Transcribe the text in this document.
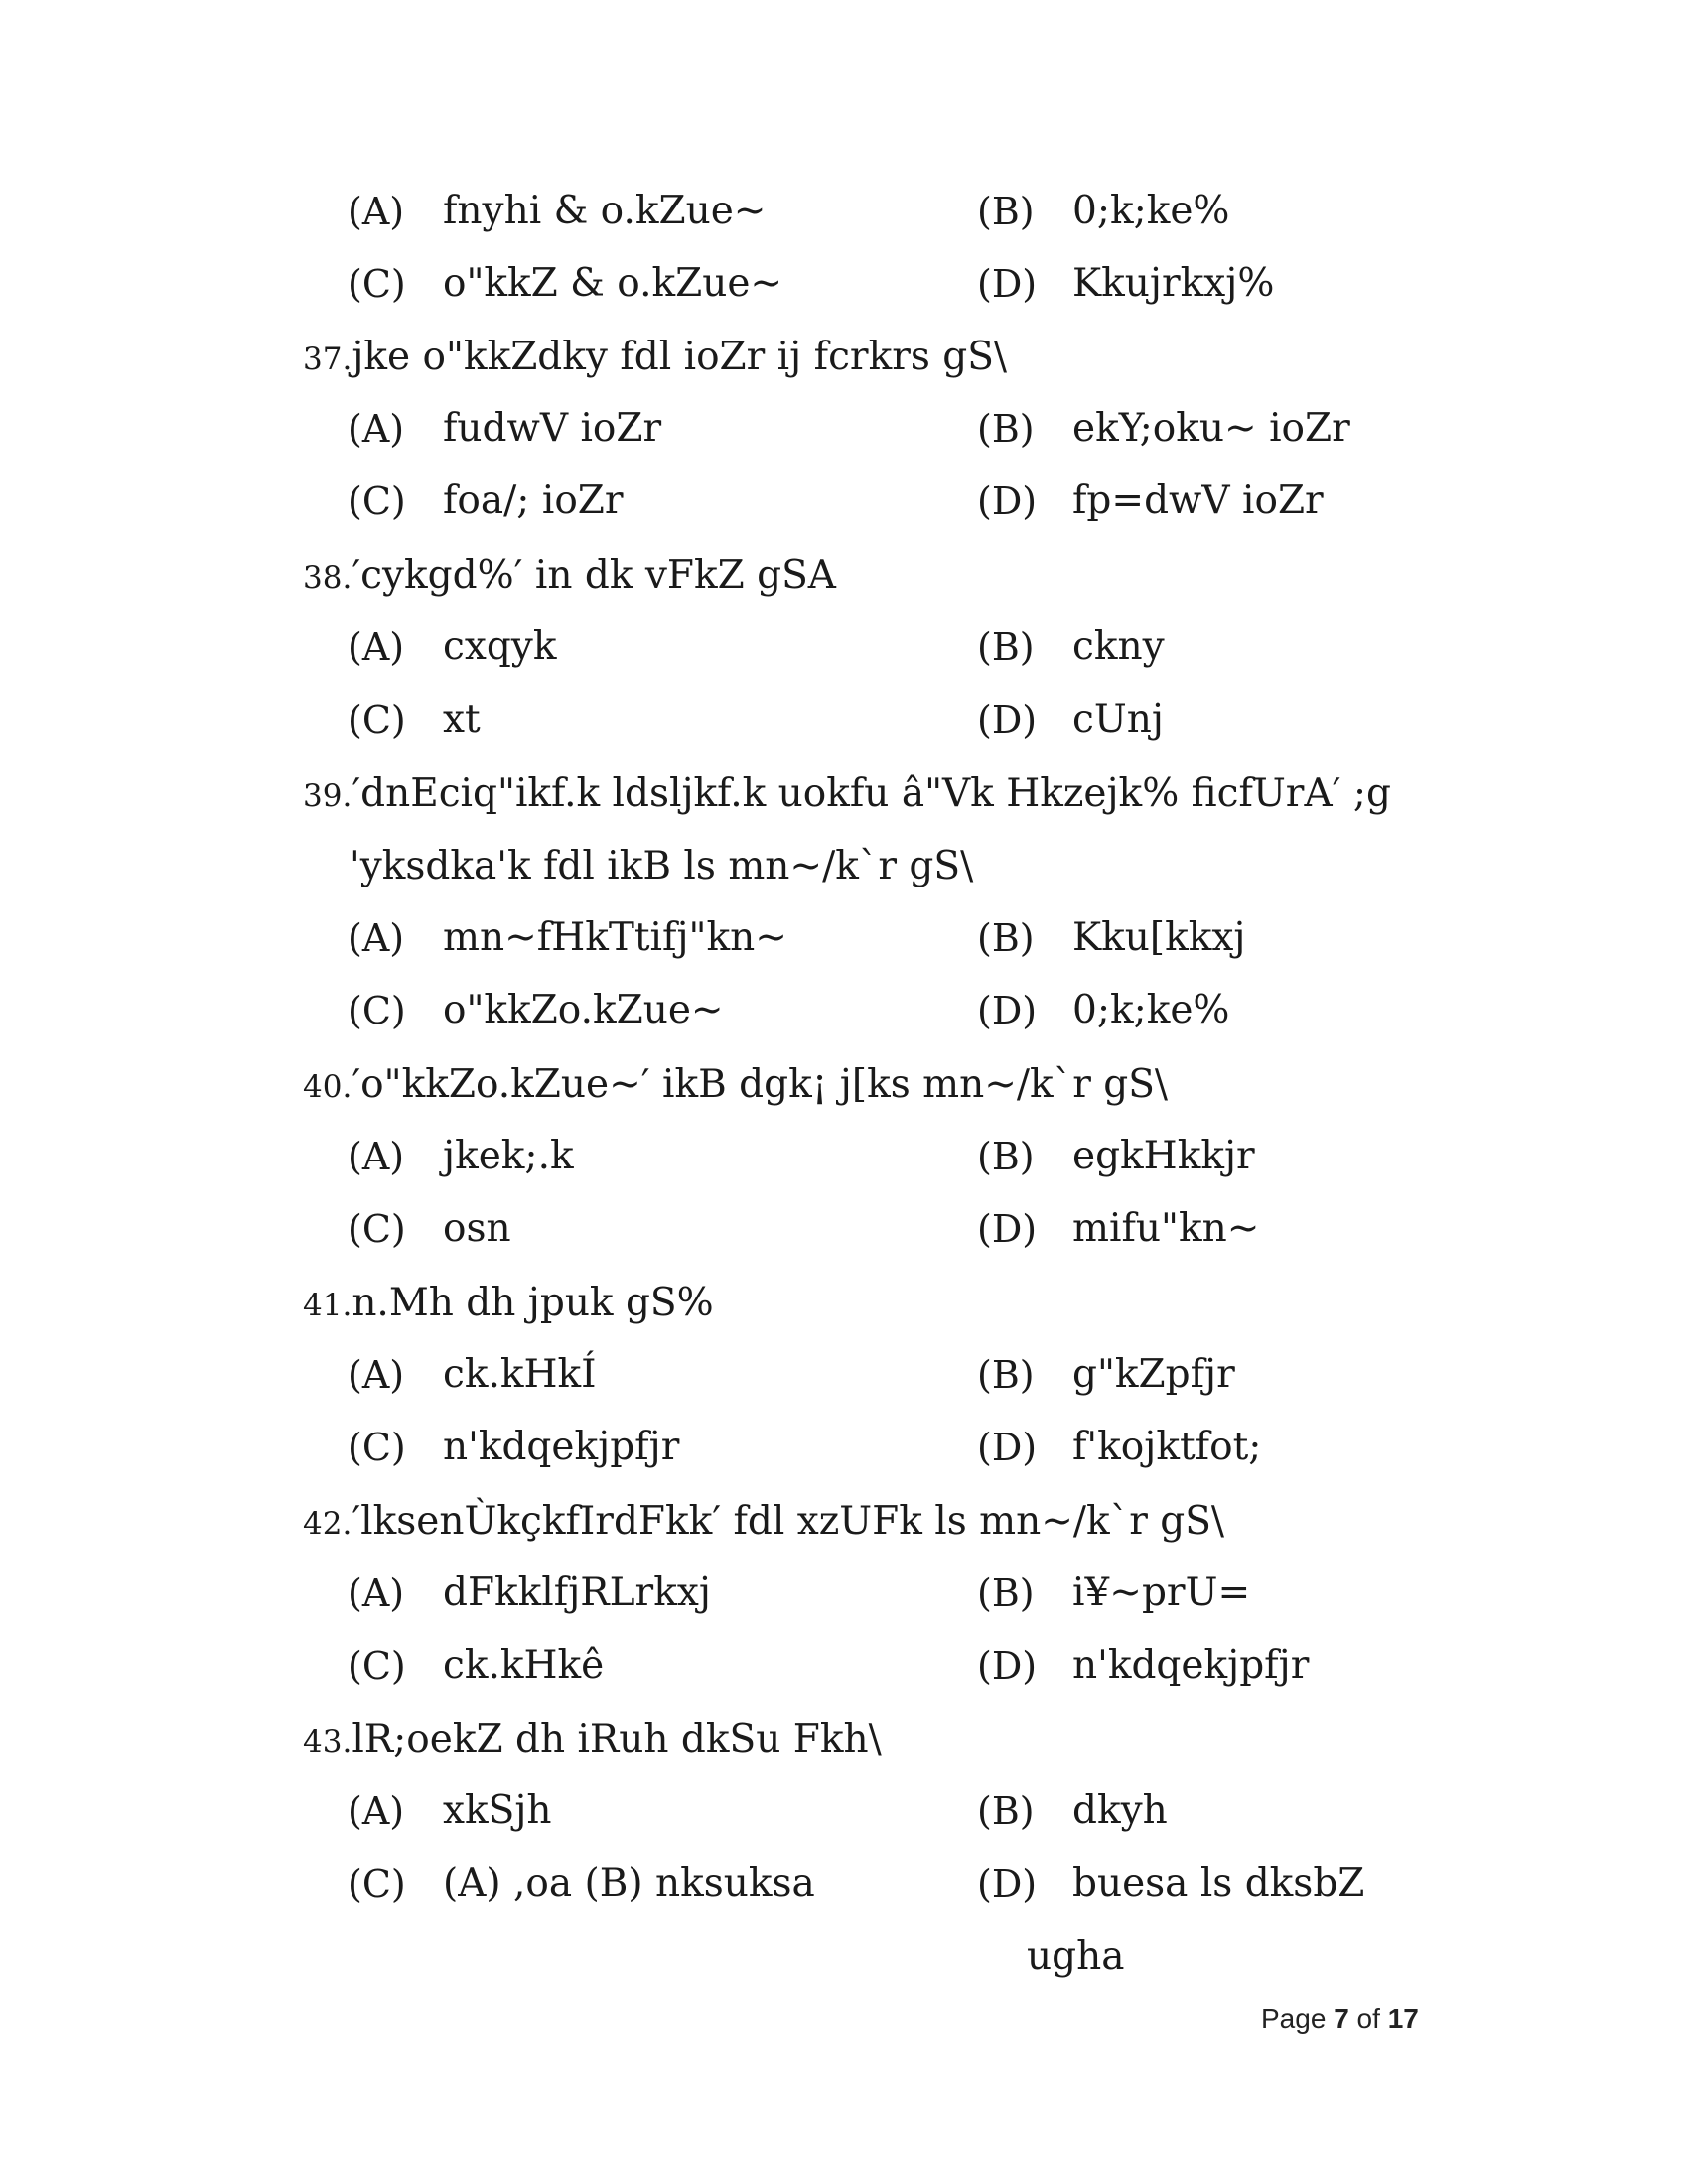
(A) fnyhi & o.kZue~	(B) 0;k;ke%
(C) o"kkZ & o.kZue~	(D) Kkujrkxj%
37.jke o"kkZdky fdl ioZr ij fcrkrs gS\
(A) fudwV ioZr	(B) ekY;oku~ ioZr
(C) foa/; ioZr	(D) fp=dwV ioZr
38.′cykgd%′ in dk vFkZ gSA
(A) cxqyk	(B) ckny
(C) xt	(D) cUnj
39.′dnEciq"ikf.k ldsljkf.k uokfu â"Vk Hkzejk% ficfUrA′ ;g
'yksdka'k fdl ikB ls mn~/k`r gS\
(A) mn~fHkTtifj"kn~	(B) Kku[kkxj
(C) o"kkZo.kZue~	(D) 0;k;ke%
40.′o"kkZo.kZue~′ ikB dgk¡ j[ks mn~/k`r gS\
(A) jkek;.k	(B) egkHkkjr
(C) osn	(D) mifu"kn~
41.n.Mh dh jpuk gS%
(A) ck.kHkÍ	(B) g"kZpfjr
(C) n'kdqekjpfjr	(D) f'kojktfot;
42.′lksenÙkçkfIrdFkk′ fdl xzUFk ls mn~/k`r gS\
(A) dFkklfjRLrkxj	(B) i¥~prU=
(C) ck.kHkê	(D) n'kdqekjpfjr
43.lR;oekZ dh iRuh dkSu Fkh\
(A) xkSjh	(B) dkyh
(C) (A) ,oa (B) nksuksa	(D) buesa ls dksbZ
ugha
Page 7 of 17
